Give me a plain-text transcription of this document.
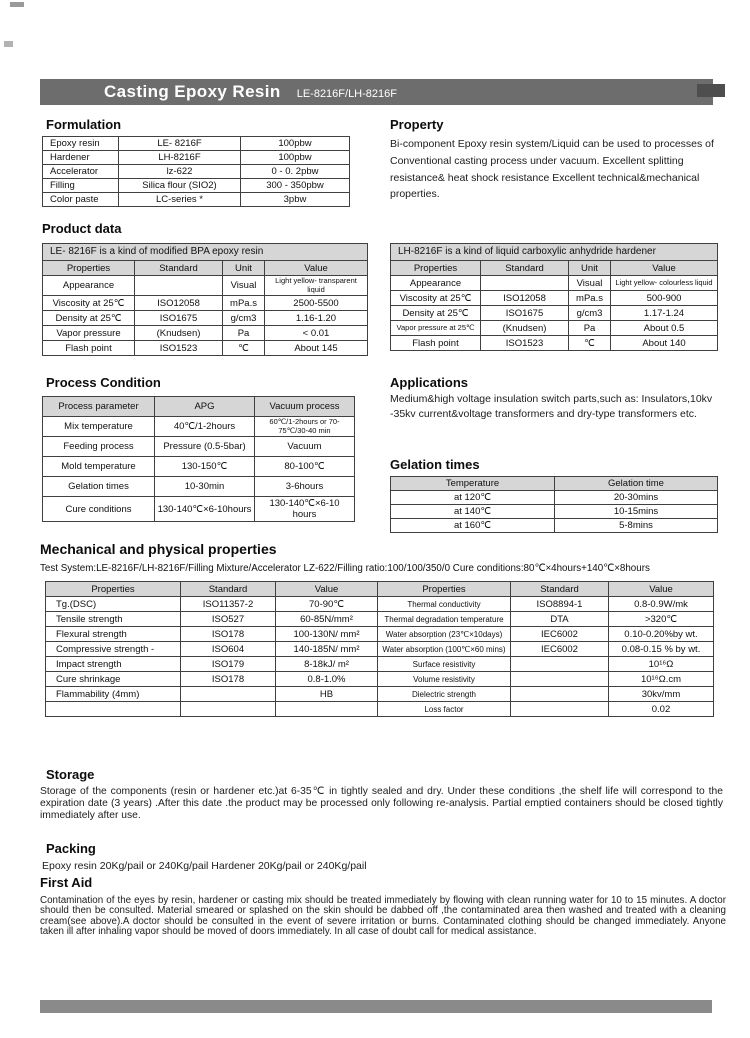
Casting Epoxy Resin LE-8216F/LH-8216F
Formulation
Epoxy resin	LE- 8216F	100pbw
Hardener	LH-8216F	100pbw
Accelerator	lz-622	0 - 0. 2pbw
Filling	Silica flour (SIO2)	300 - 350pbw
Color paste	LC-series *	3pbw
Property

Bi-component Epoxy resin system/Liquid can be used to processes of Conventional casting process under vacuum. Excellent splitting resistance& heat shock resistance Excellent technical&mechanical properties.

Product data
LE- 8216F is a kind of modified BPA epoxy resin
Properties	Standard	Unit	Value
Appearance		Visual	Light yellow- transparent liquid
Viscosity at 25℃	ISO12058	mPa.s	2500-5500
Density at 25℃	ISO1675	g/cm3	1.16-1.20
Vapor pressure	(Knudsen)	Pa	< 0.01
Flash point	ISO1523	℃	About 145
LH-8216F is a kind of liquid carboxylic anhydride hardener
Properties	Standard	Unit	Value
Appearance		Visual	Light yellow- colourless liquid
Viscosity at 25℃	ISO12058	mPa.s	500-900
Density at 25℃	ISO1675	g/cm3	1.17-1.24
Vapor pressure at 25℃	(Knudsen)	Pa	About 0.5
Flash point	ISO1523	℃	About 140
Process Condition
Process parameter	APG	Vacuum process
Mix temperature	40℃/1-2hours	60℃/1-2hours or 70-75℃/30-40 min
Feeding process	Pressure (0.5-5bar)	Vacuum
Mold temperature	130-150℃	80-100℃
Gelation times	10-30min	3-6hours
Cure conditions	130-140℃×6-10hours	130-140℃×6-10 hours
Applications

Medium&high voltage insulation switch parts,such as: Insulators,10kv -35kv current&voltage transformers and dry-type transformers etc.

Gelation times
Temperature	Gelation time
at 120℃	20-30mins
at 140℃	10-15mins
at 160℃	5-8mins
Mechanical and physical properties
Test System:LE-8216F/LH-8216F/Filling Mixture/Accelerator LZ-622/Filling ratio:100/100/350/0 Cure conditions:80℃×4hours+140℃×8hours
Properties	Standard	Value	Properties	Standard	Value
Tg.(DSC)	ISO11357-2	70-90℃	Thermal conductivity	ISO8894-1	0.8-0.9W/mk
Tensile strength	ISO527	60-85N/mm²	Thermal degradation temperature	DTA	>320℃
Flexural strength	ISO178	100-130N/ mm²	Water absorption (23℃×10days)	IEC6002	0.10-0.20%by wt.
Compressive strength -	ISO604	140-185N/ mm²	Water absorption (100℃×60 mins)	IEC6002	0.08-0.15 % by wt.
Impact strength	ISO179	8-18kJ/ m²	Surface resistivity		10¹⁶Ω
Cure shrinkage	ISO178	0.8-1.0%	Volume resistivity		10¹⁶Ω.cm
Flammability (4mm)		HB	Dielectric strength		30kv/mm
			Loss factor		0.02
Storage

Storage of the components (resin or hardener etc.)at 6-35℃ in tightly sealed and dry. Under these conditions ,the shelf life will correspond to the expiration date (3 years) .After this date .the product may be processed only following re-analysis. Partial emptied containers should be closed tightly immediately after use.

Packing

Epoxy resin 20Kg/pail or 240Kg/pail Hardener 20Kg/pail or 240Kg/pail

First Aid

Contamination of the eyes by resin, hardener or casting mix should be treated immediately by flowing with clean running water for 10 to 15 minutes. A doctor should then be consulted. Material smeared or splashed on the skin should be dabbed off ,the contaminated area then washed and treated with a cleaning cream(see above).A doctor should be consulted in the event of severe irritation or burns. Contaminated clothing should be changed immediately. Anyone taken ill after inhaling vapor should be moved of doors immediately. In all case of doubt call for medical assistance.
